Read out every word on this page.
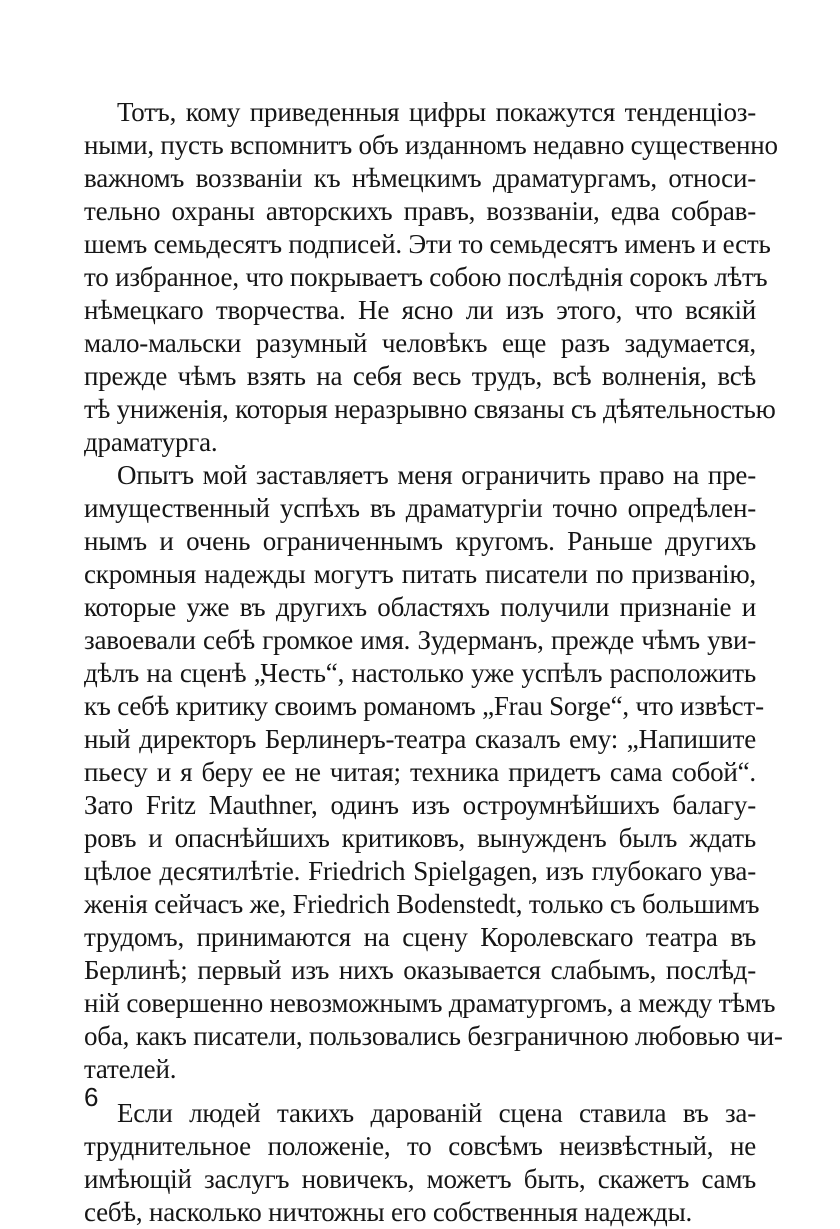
Тотъ, кому приведенныя цифры покажутся тенденціоз-
ными, пусть вспомнитъ объ изданномъ недавно существенно
важномъ воззваніи къ нѣмецкимъ драматургамъ, относи-
тельно охраны авторскихъ правъ, воззваніи, едва собрав-
шемъ семьдесятъ подписей. Эти то семьдесятъ именъ и есть
то избранное, что покрываетъ собою послѣднія сорокъ лѣтъ
нѣмецкаго творчества. Не ясно ли изъ этого, что всякій
мало-мальски разумный человѣкъ еще разъ задумается,
прежде чѣмъ взять на себя весь трудъ, всѣ волненія, всѣ
тѣ униженія, которыя неразрывно связаны съ дѣятельностью
драматурга.
Опытъ мой заставляетъ меня ограничить право на пре-
имущественный успѣхъ въ драматургіи точно опредѣлен-
нымъ и очень ограниченнымъ кругомъ. Раньше другихъ
скромныя надежды могутъ питать писатели по призванію,
которые уже въ другихъ областяхъ получили признаніе и
завоевали себѣ громкое имя. Зудерманъ, прежде чѣмъ уви-
дѣлъ на сценѣ „Честь“, настолько уже успѣлъ расположить
къ себѣ критику своимъ романомъ „Frau Sorge“, что извѣст-
ный директоръ Берлинеръ-театра сказалъ ему: „Напишите
пьесу и я беру ее не читая; техника придетъ сама собой“.
Зато Fritz Mauthner, одинъ изъ остроумнѣйшихъ балагу-
ровъ и опаснѣйшихъ критиковъ, вынужденъ былъ ждать
цѣлое десятилѣтіе. Friedrich Spielgagen, изъ глубокаго ува-
женія сейчасъ же, Friedrich Bodenstedt, только съ большимъ
трудомъ, принимаются на сцену Королевскаго театра въ
Берлинѣ; первый изъ нихъ оказывается слабымъ, послѣд-
ній совершенно невозможнымъ драматургомъ, а между тѣмъ
оба, какъ писатели, пользовались безграничною любовью чи-
тателей.
Если людей такихъ дарованій сцена ставила въ за-
труднительное положеніе, то совсѣмъ неизвѣстный, не
имѣющій заслугъ новичекъ, можетъ быть, скажетъ самъ
себѣ, насколько ничтожны его собственныя надежды.
6
